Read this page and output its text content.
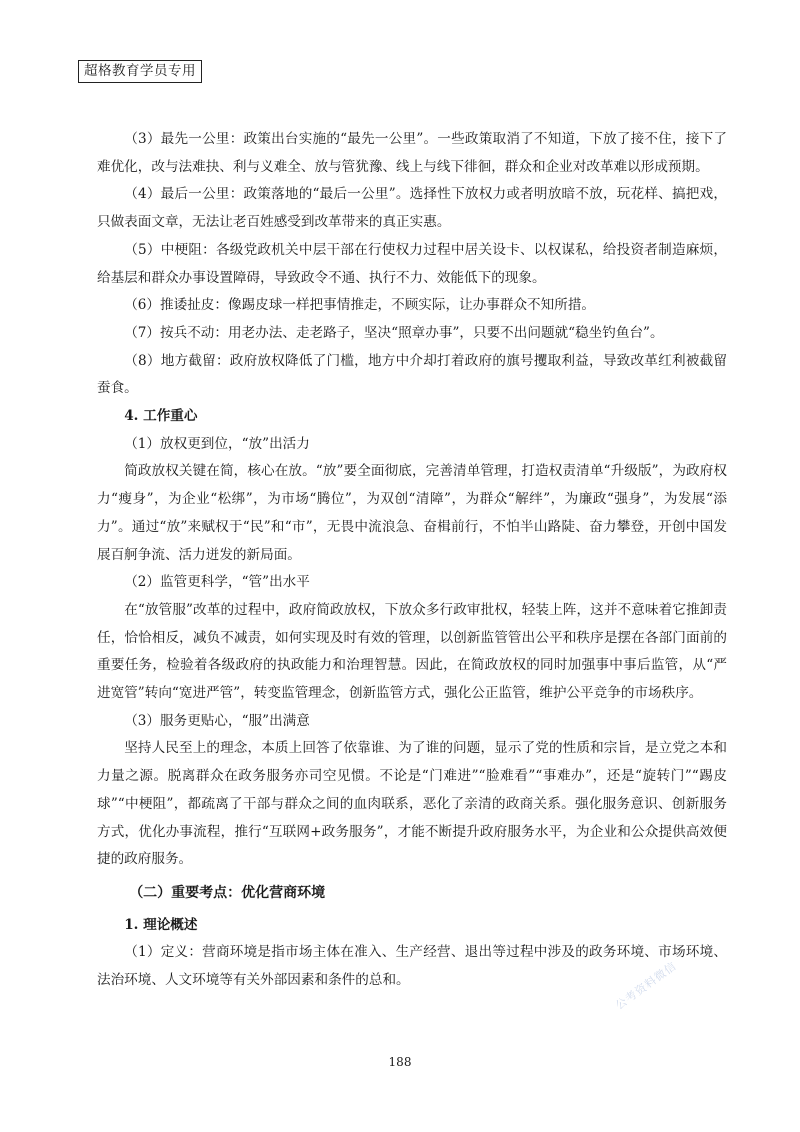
超格教育学员专用

（3）最先一公里：政策出台实施的“最先一公里”。一些政策取消了不知道，下放了接不住，接下了难优化，改与法难抉、利与义难全、放与管犹豫、线上与线下徘徊，群众和企业对改革难以形成预期。

（4）最后一公里：政策落地的“最后一公里”。选择性下放权力或者明放暗不放，玩花样、搞把戏，只做表面文章，无法让老百姓感受到改革带来的真正实惠。

（5）中梗阻：各级党政机关中层干部在行使权力过程中居关设卡、以权谋私，给投资者制造麻烦，给基层和群众办事设置障碍，导致政令不通、执行不力、效能低下的现象。

（6）推诿扯皮：像踢皮球一样把事情推走，不顾实际，让办事群众不知所措。

（7）按兵不动：用老办法、走老路子，坚决“照章办事”，只要不出问题就“稳坐钓鱼台”。

（8）地方截留：政府放权降低了门槛，地方中介却打着政府的旗号攫取利益，导致改革红利被截留蚕食。

4. 工作重心

（1）放权更到位，“放”出活力

简政放权关键在简，核心在放。“放”要全面彻底，完善清单管理，打造权责清单“升级版”，为政府权力“瘦身”，为企业“松绑”，为市场“腾位”，为双创“清障”，为群众“解绊”，为廉政“强身”，为发展“添力”。通过“放”来赋权于“民”和“市”，无畏中流浪急、奋楫前行，不怕半山路陡、奋力攀登，开创中国发展百舸争流、活力迸发的新局面。

（2）监管更科学，“管”出水平

在“放管服”改革的过程中，政府简政放权，下放众多行政审批权，轻装上阵，这并不意味着它推卸责任，恰恰相反，减负不减责，如何实现及时有效的管理，以创新监管管出公平和秩序是摆在各部门面前的重要任务，检验着各级政府的执政能力和治理智慧。因此，在简政放权的同时加强事中事后监管，从“严进宽管”转向“宽进严管”，转变监管理念，创新监管方式，强化公正监管，维护公平竞争的市场秩序。

（3）服务更贴心，“服”出满意

坚持人民至上的理念，本质上回答了依靠谁、为了谁的问题，显示了党的性质和宗旨，是立党之本和力量之源。脱离群众在政务服务亦司空见惯。不论是“门难进”“脸难看”“事难办”，还是“旋转门”“踢皮球”“中梗阻”，都疏离了干部与群众之间的血肉联系，恶化了亲清的政商关系。强化服务意识、创新服务方式，优化办事流程，推行“互联网+政务服务”，才能不断提升政府服务水平，为企业和公众提供高效便捷的政府服务。

（二）重要考点：优化营商环境

1. 理论概述

（1）定义：营商环境是指市场主体在准入、生产经营、退出等过程中涉及的政务环境、市场环境、法治环境、人文环境等有关外部因素和条件的总和。	公考资料微信
188
